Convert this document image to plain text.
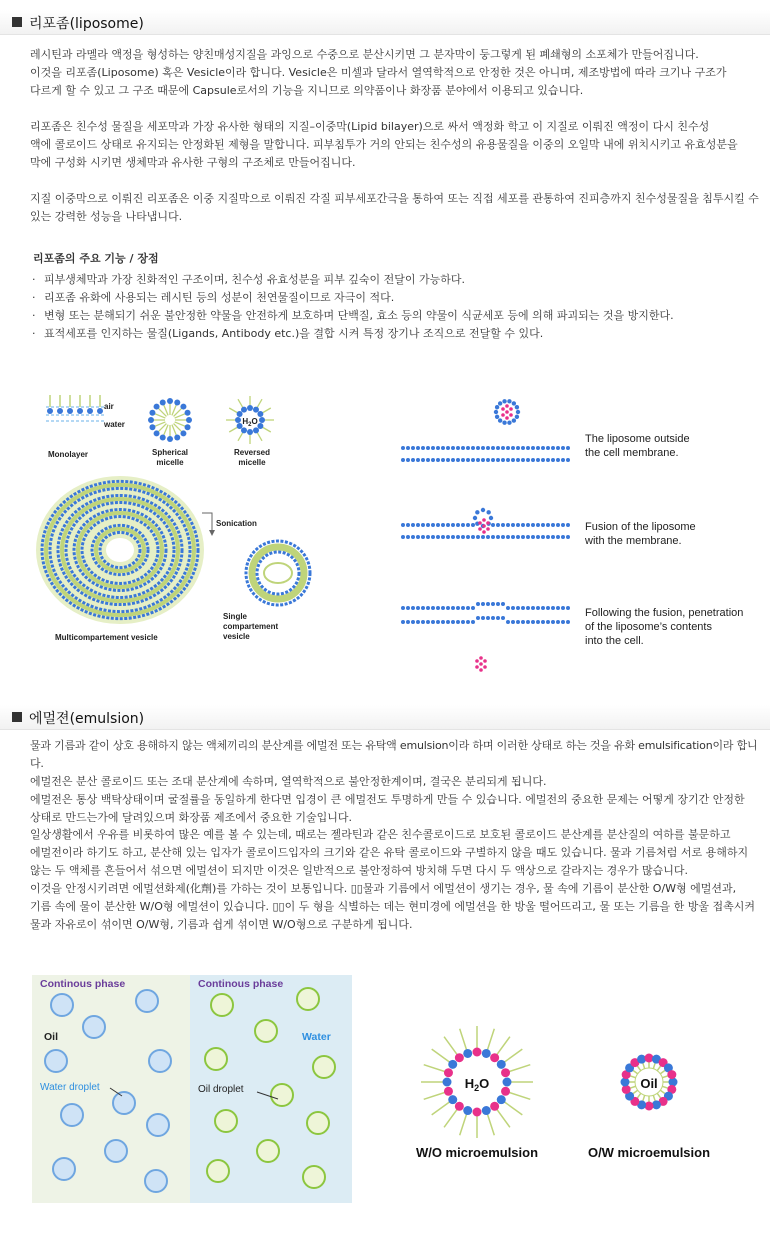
리포좀(liposome)

레시틴과 라멜라 액정을 형성하는 양친매성지질을 과잉으로 수중으로 분산시키면 그 분자막이 둥그렇게 된 폐쇄형의 소포체가 만들어집니다.

이것을 리포좀(Liposome) 혹은 Vesicle이라 합니다. Vesicle은 미셀과 달라서 열역학적으로 안정한 것은 아니며, 제조방법에 따라 크기나 구조가

다르게 할 수 있고 그 구조 때문에 Capsule로서의 기능을 지니므로 의약품이나 화장품 분야에서 이용되고 있습니다.

리포좀은 친수성 물질을 세포막과 가장 유사한 형태의 지질–이중막(Lipid bilayer)으로 싸서 액정화 학고 이 지질로 이뤄진 액정이 다시 친수성

액에 콜로이드 상태로 유지되는 안정화된 제형을 말합니다. 피부침투가 거의 안되는 친수성의 유용물질을 이중의 오일막 내에 위치시키고 유효성분을

막에 구성화 시키면 생체막과 유사한 구형의 구조체로 만들어집니다.

지질 이중막으로 이뤄진 리포좀은 이중 지질막으로 이뤄진 각질 피부세포간극을 통하여 또는 직접 세포를 관통하여 진피층까지 친수성물질을 침투시킬 수

있는 강력한 성능을 나타냅니다.

리포좀의 주요 기능 / 장점
· 피부생체막과 가장 친화적인 구조이며, 친수성 유효성분을 피부 깊숙이 전달이 가능하다.
· 리포좀 유화에 사용되는 레시틴 등의 성분이 천연물질이므로 자극이 적다.
· 변형 또는 분해되기 쉬운 불안정한 약물을 안전하게 보호하며 단백질, 효소 등의 약물이 식균세포 등에 의해 파괴되는 것을 방지한다.
· 표적세포를 인지하는 물질(Ligands, Antibody etc.)을 결합 시켜 특정 장기나 조직으로 전달할 수 있다.
air
water
Monolayer	Spherical
micelle
$H_2O$
Reversed
micelle
Multicompartement vesicle
Sonication
Single
compartement
vesicle
The liposome outside
the cell membrane.
Fusion of the liposome
with the membrane.
Following the fusion, penetration
of the liposome’s contents
into the cell.
에멀젼(emulsion)

물과 기름과 같이 상호 용해하지 않는 액체끼리의 분산계를 에멀전 또는 유탁액 emulsion이라 하며 이러한 상태로 하는 것을 유화 emulsification이라 합니다.

에멀전은 분산 콜로이드 또는 조대 분산계에 속하며, 열역학적으로 불안정한계이며, 결국은 분리되게 됩니다.

에멀전은 통상 백탁상태이며 굴절률을 동일하게 한다면 입경이 큰 에멀전도 투명하게 만들 수 있습니다. 에멀전의 중요한 문제는 어떻게 장기간 안정한

상태로 만드는가에 달려있으며 화장품 제조에서 중요한 기술입니다.

일상생활에서 우유를 비롯하여 많은 예를 볼 수 있는데, 때로는 젤라틴과 같은 친수콜로이드로 보호된 콜로이드 분산계를 분산질의 여하를 불문하고

에멀전이라 하기도 하고, 분산해 있는 입자가 콜로이드입자의 크기와 같은 유탁 콜로이드와 구별하지 않을 때도 있습니다. 물과 기름처럼 서로 용해하지

않는 두 액체를 흔들어서 섞으면 에멀션이 되지만 이것은 일반적으로 불안정하여 방치해 두면 다시 두 액상으로 갈라지는 경우가 많습니다.

이것을 안정시키려면 에멀션화제(化劑)를 가하는 것이 보통입니다. ▯▯물과 기름에서 에멀션이 생기는 경우, 물 속에 기름이 분산한 O/W형 에멀션과,

기름 속에 물이 분산한 W/O형 에멀션이 있습니다. ▯▯이 두 형을 식별하는 데는 현미경에 에멀션을 한 방울 떨어뜨리고, 물 또는 기름을 한 방울 접촉시켜

물과 자유로이 섞이면 O/W형, 기름과 쉽게 섞이면 W/O형으로 구분하게 됩니다.

Continous phase	Continous phase
Oil	Water
Water droplet	Oil droplet	$H_2O$	Oil
W/O microemulsion	O/W microemulsion
